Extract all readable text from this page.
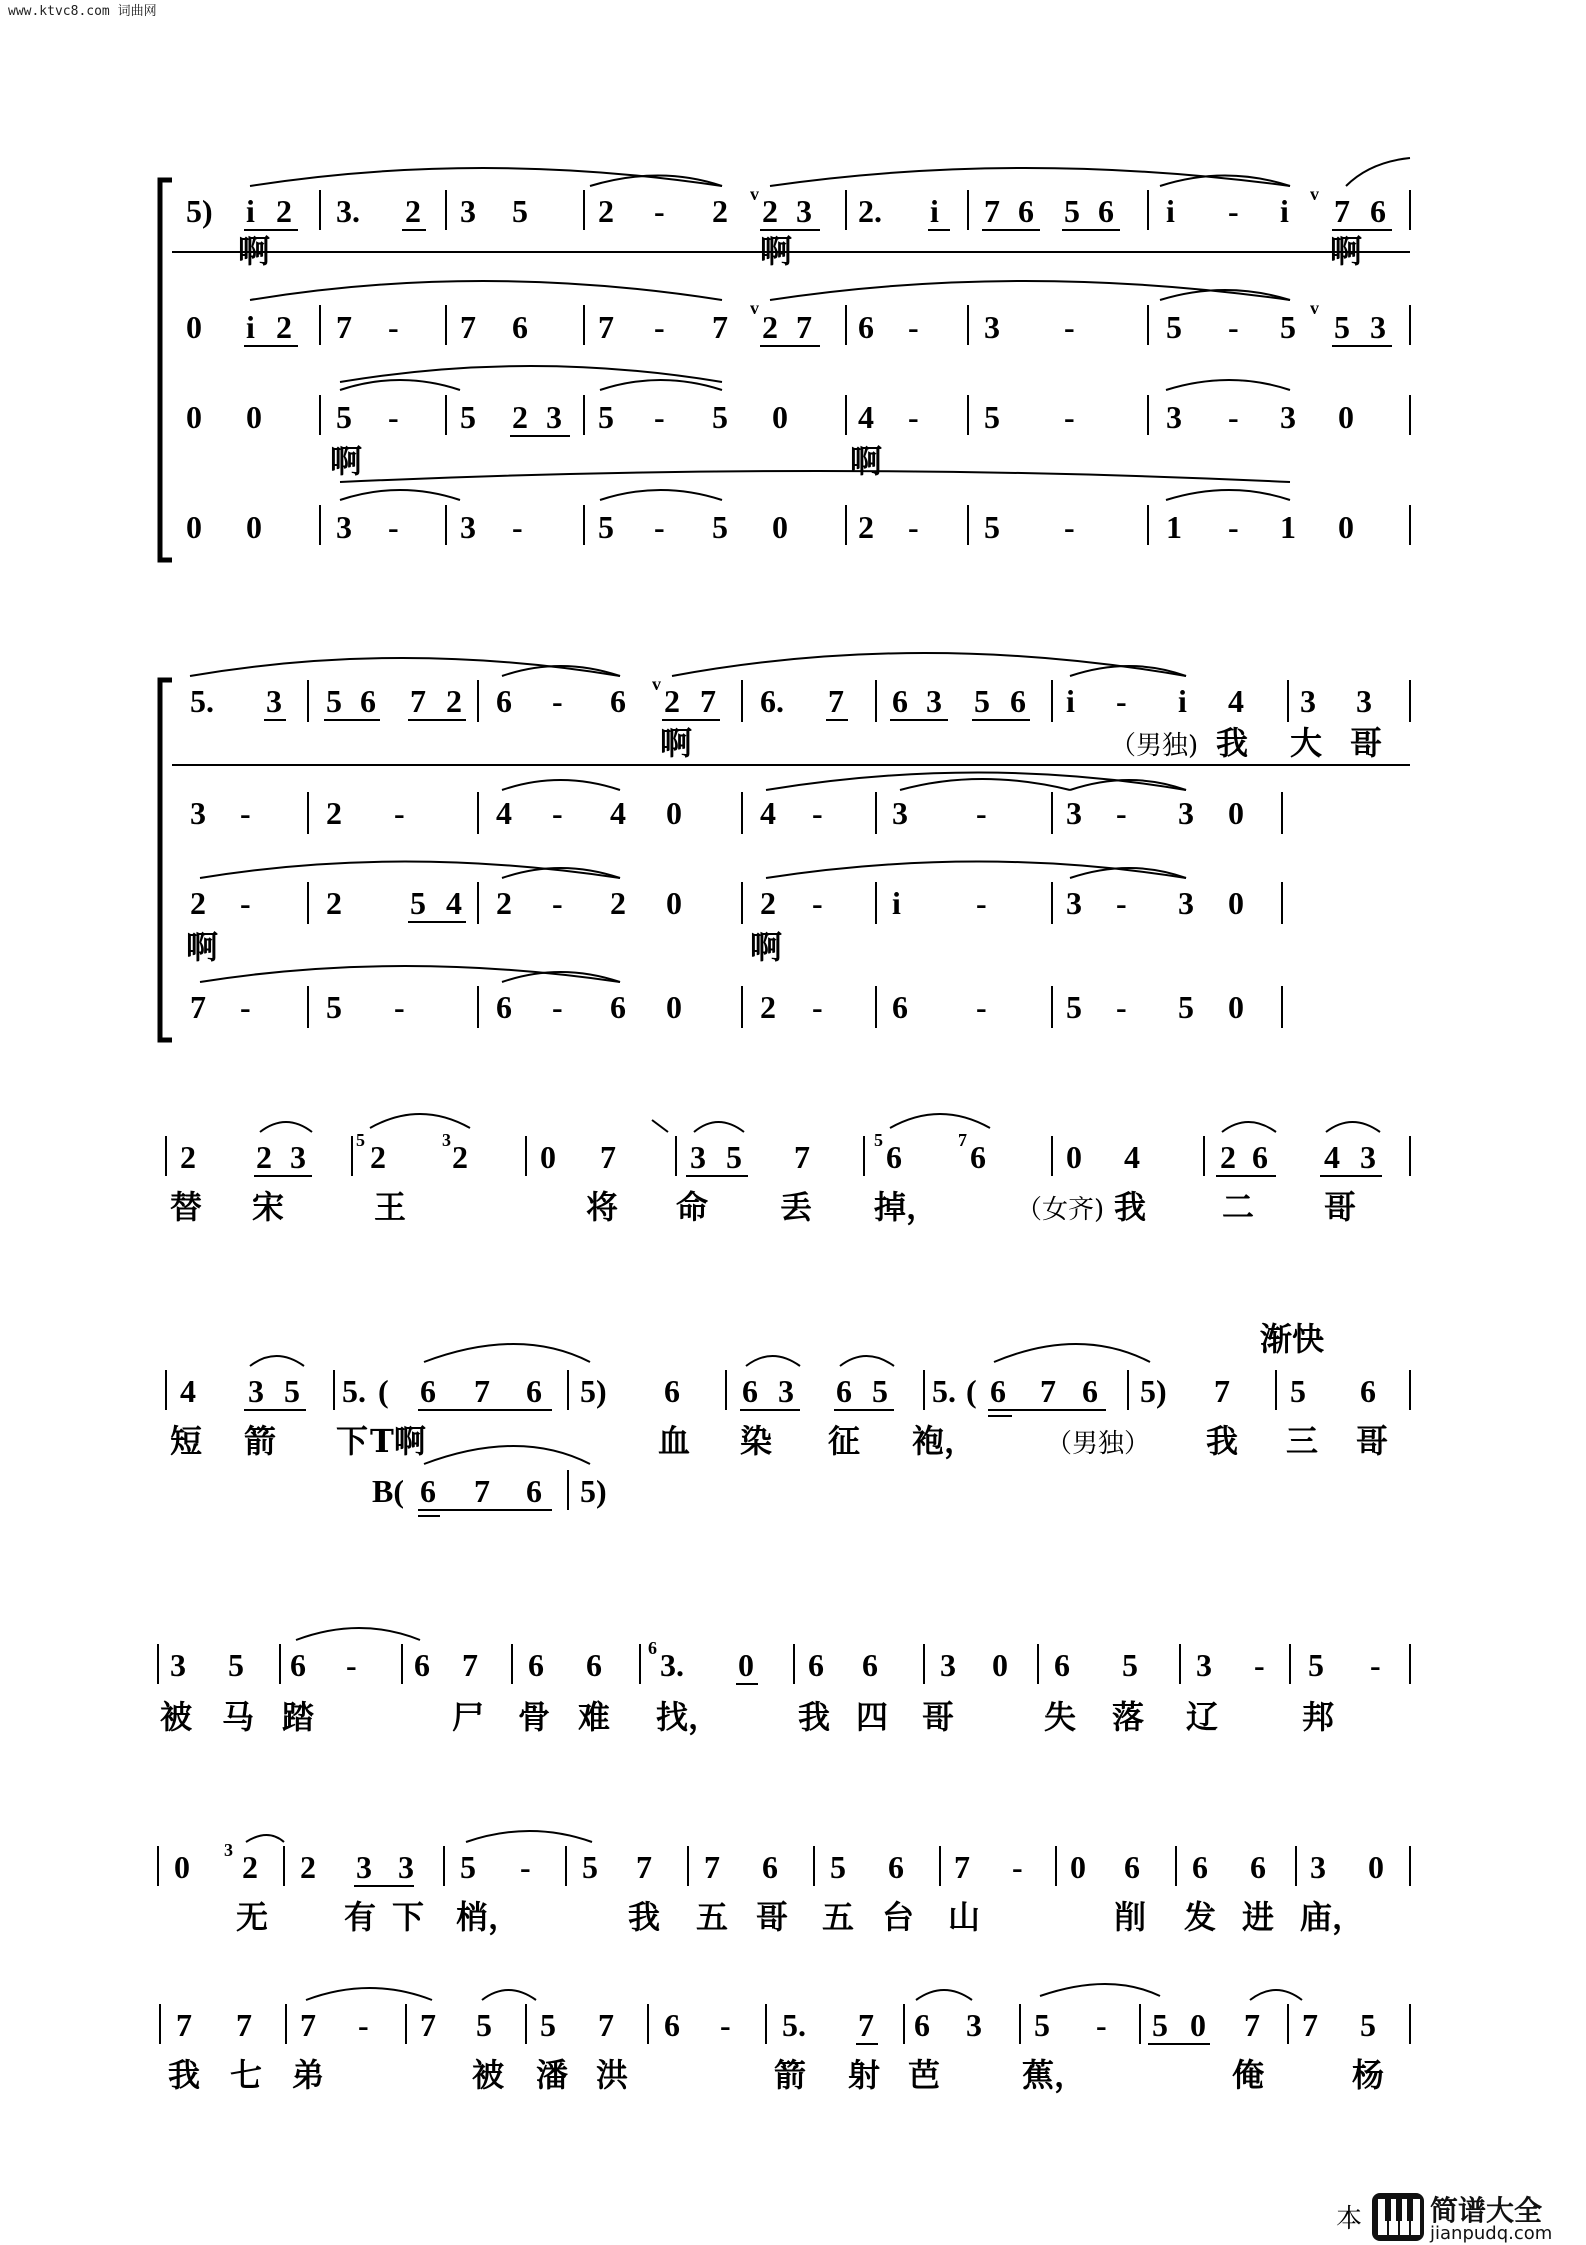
www.ktvc8.com 词曲网
5) i 2 3. 2 3 5 2 - 2 2 3 2. i 7 6 5 6 i - i 7 6
啊	啊	啊
0 i 2 7 - 7 6 7 - 7 2 7 6 - 3 -	5 - 5 5 3
0 0 5 - 5 2 3 5 - 5 0 4 - 5 -	3 - 3 0
啊	啊
0 0 3 - 3 - 5 - 5 0 2 - 5 -	1 - 1 0
v	v
v	v
5. 3 5 6 7 2 6 - 6 2 7 6. 7 6 3 5 6 i - i 4 3 3
啊	（男独) 我 大 哥
3 - 2 -	4 - 4 0 4 - 3 - 3 - 3 0
2 - 2 5 4 2 - 2 0 2 - i - 3 - 3 0
啊	啊
7 - 5 -	6 - 6 0 2 - 6 - 5 - 5 0
v
2 2 3 2 2 0 7 3 5 7 6 6	0 4	2 6 4 3
5	3	5	7
替 宋	王	将 命 丢 掉，	（女齐) 我 二 哥
渐快
4 3 5 5. ( 6 7 6 5) 6 6 3 6 5 5. ( 6 7 6 5) 7 5 6
短 箭 下 T啊	血 染 征 袍，	（男独） 我 三 哥
B( 6 7 6 5)
3 5 6 - 6 7 6 6 3. 0 6 6 3 0 6 5 3 - 5 -
6
被 马 踏	尸 骨 难 找， 我 四 哥	失 落 辽	邦
0 2 2 3 3 5 - 5 7 7 6 5 6 7 - 0 6 6 6 3 0
3
无 有 下 梢，	我 五 哥 五 台 山	削 发 进 庙，
7 7 7 - 7 5 5 7 6 - 5. 7 6 3 5 - 5 0 7 7 5
我 七 弟	被 潘 洪	箭 射 芭	蕉，	俺	杨
本 简谱大全
jianpudq.com
